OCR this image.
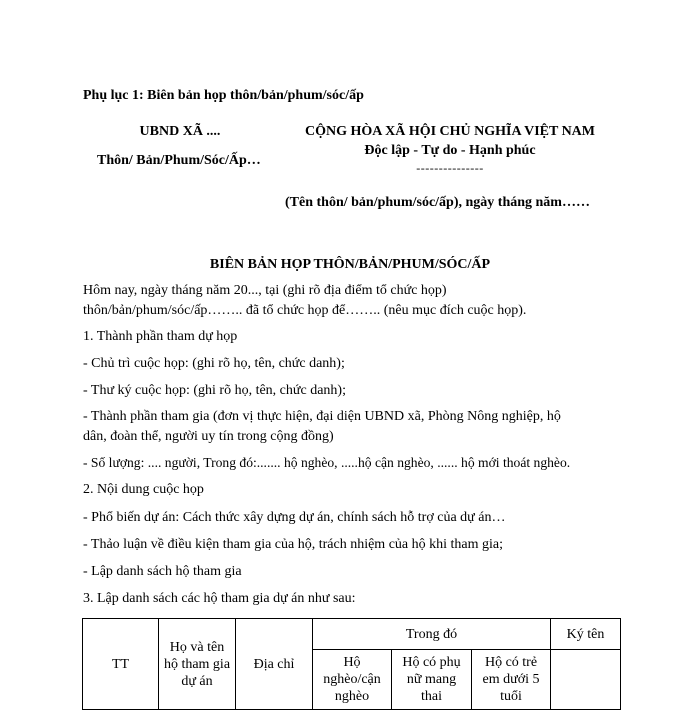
Phụ lục 1: Biên bản họp thôn/bản/phum/sóc/ấp
UBND XÃ ....
Thôn/ Bản/Phum/Sóc/Ấp…
CỘNG HÒA XÃ HỘI CHỦ NGHĨA VIỆT NAM
Độc lập - Tự do - Hạnh phúc
---------------
(Tên thôn/ bản/phum/sóc/ấp), ngày tháng năm……
BIÊN BẢN HỌP THÔN/BẢN/PHUM/SÓC/ẤP
Hôm nay, ngày tháng năm 20..., tại (ghi rõ địa điểm tổ chức họp)
thôn/bản/phum/sóc/ấp…….. đã tổ chức họp để…….. (nêu mục đích cuộc họp).
1. Thành phần tham dự họp
- Chủ trì cuộc họp: (ghi rõ họ, tên, chức danh);
- Thư ký cuộc họp: (ghi rõ họ, tên, chức danh);
- Thành phần tham gia (đơn vị thực hiện, đại diện UBND xã, Phòng Nông nghiệp, hộ
dân, đoàn thể, người uy tín trong cộng đồng)
- Số lượng: .... người, Trong đó:....... hộ nghèo, .....hộ cận nghèo, ...... hộ mới thoát nghèo.
2. Nội dung cuộc họp
- Phổ biến dự án: Cách thức xây dựng dự án, chính sách hỗ trợ của dự án…
- Thảo luận về điều kiện tham gia của hộ, trách nhiệm của hộ khi tham gia;
- Lập danh sách hộ tham gia
3. Lập danh sách các hộ tham gia dự án như sau:
TT	Họ và tên hộ tham gia dự án	Địa chỉ	Trong đó			Ký tên

			Hộ nghèo/cận nghèo	Hộ có phụ nữ mang thai	Hộ có trẻ em dưới 5 tuổi	
